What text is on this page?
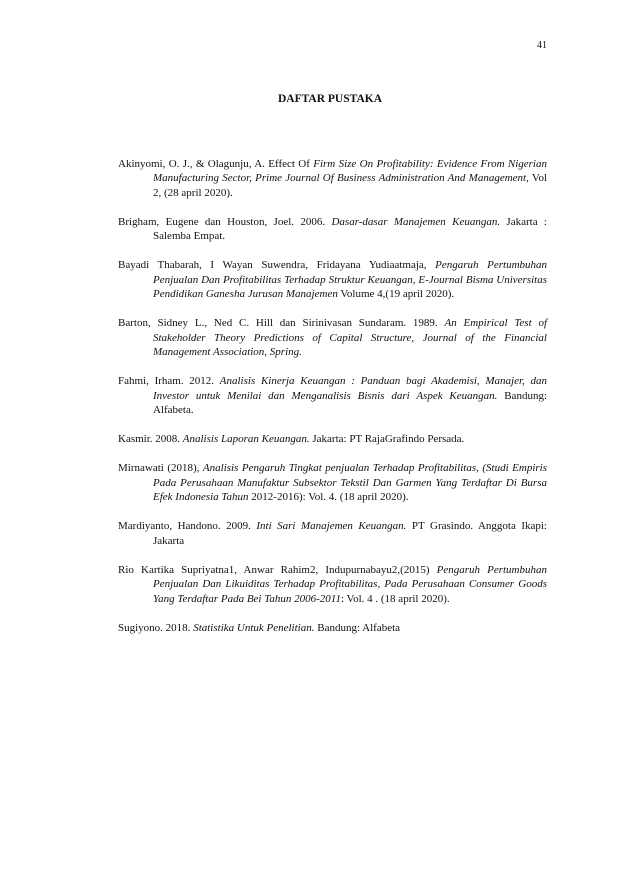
41
DAFTAR PUSTAKA

Akinyomi, O. J., & Olagunju, A. Effect Of Firm Size On Profitability: Evidence From Nigerian Manufacturing Sector, Prime Journal Of Business Administration And Management, Vol 2, (28 april 2020).

Brigham, Eugene dan Houston, Joel. 2006. Dasar-dasar Manajemen Keuangan. Jakarta : Salemba Empat.

Bayadi Thabarah, I Wayan Suwendra, Fridayana Yudiaatmaja, Pengaruh Pertumbuhan Penjualan Dan Profitabilitas Terhadap Struktur Keuangan, E-Journal Bisma Universitas Pendidikan Ganesha Jurusan Manajemen Volume 4,(19 april 2020).

Barton, Sidney L., Ned C. Hill dan Sirinivasan Sundaram. 1989. An Empirical Test of Stakeholder Theory Predictions of Capital Structure, Journal of the Financial Management Association, Spring.

Fahmi, Irham. 2012. Analisis Kinerja Keuangan : Panduan bagi Akademisi, Manajer, dan Investor untuk Menilai dan Menganalisis Bisnis dari Aspek Keuangan. Bandung: Alfabeta.

Kasmir. 2008. Analisis Laporan Keuangan. Jakarta: PT RajaGrafindo Persada.

Mirnawati (2018), Analisis Pengaruh Tingkat penjualan Terhadap Profitabilitas, (Studi Empiris Pada Perusahaan Manufaktur Subsektor Tekstil Dan Garmen Yang Terdaftar Di Bursa Efek Indonesia Tahun 2012-2016): Vol. 4. (18 april 2020).

Mardiyanto, Handono. 2009. Inti Sari Manajemen Keuangan. PT Grasindo. Anggota Ikapi: Jakarta

Rio Kartika Supriyatna1, Anwar Rahim2, Indupurnabayu2,(2015) Pengaruh Pertumbuhan Penjualan Dan Likuiditas Terhadap Profitabilitas, Pada Perusahaan Consumer Goods Yang Terdaftar Pada Bei Tahun 2006-2011: Vol. 4 . (18 april 2020).

Sugiyono. 2018. Statistika Untuk Penelitian. Bandung: Alfabeta
